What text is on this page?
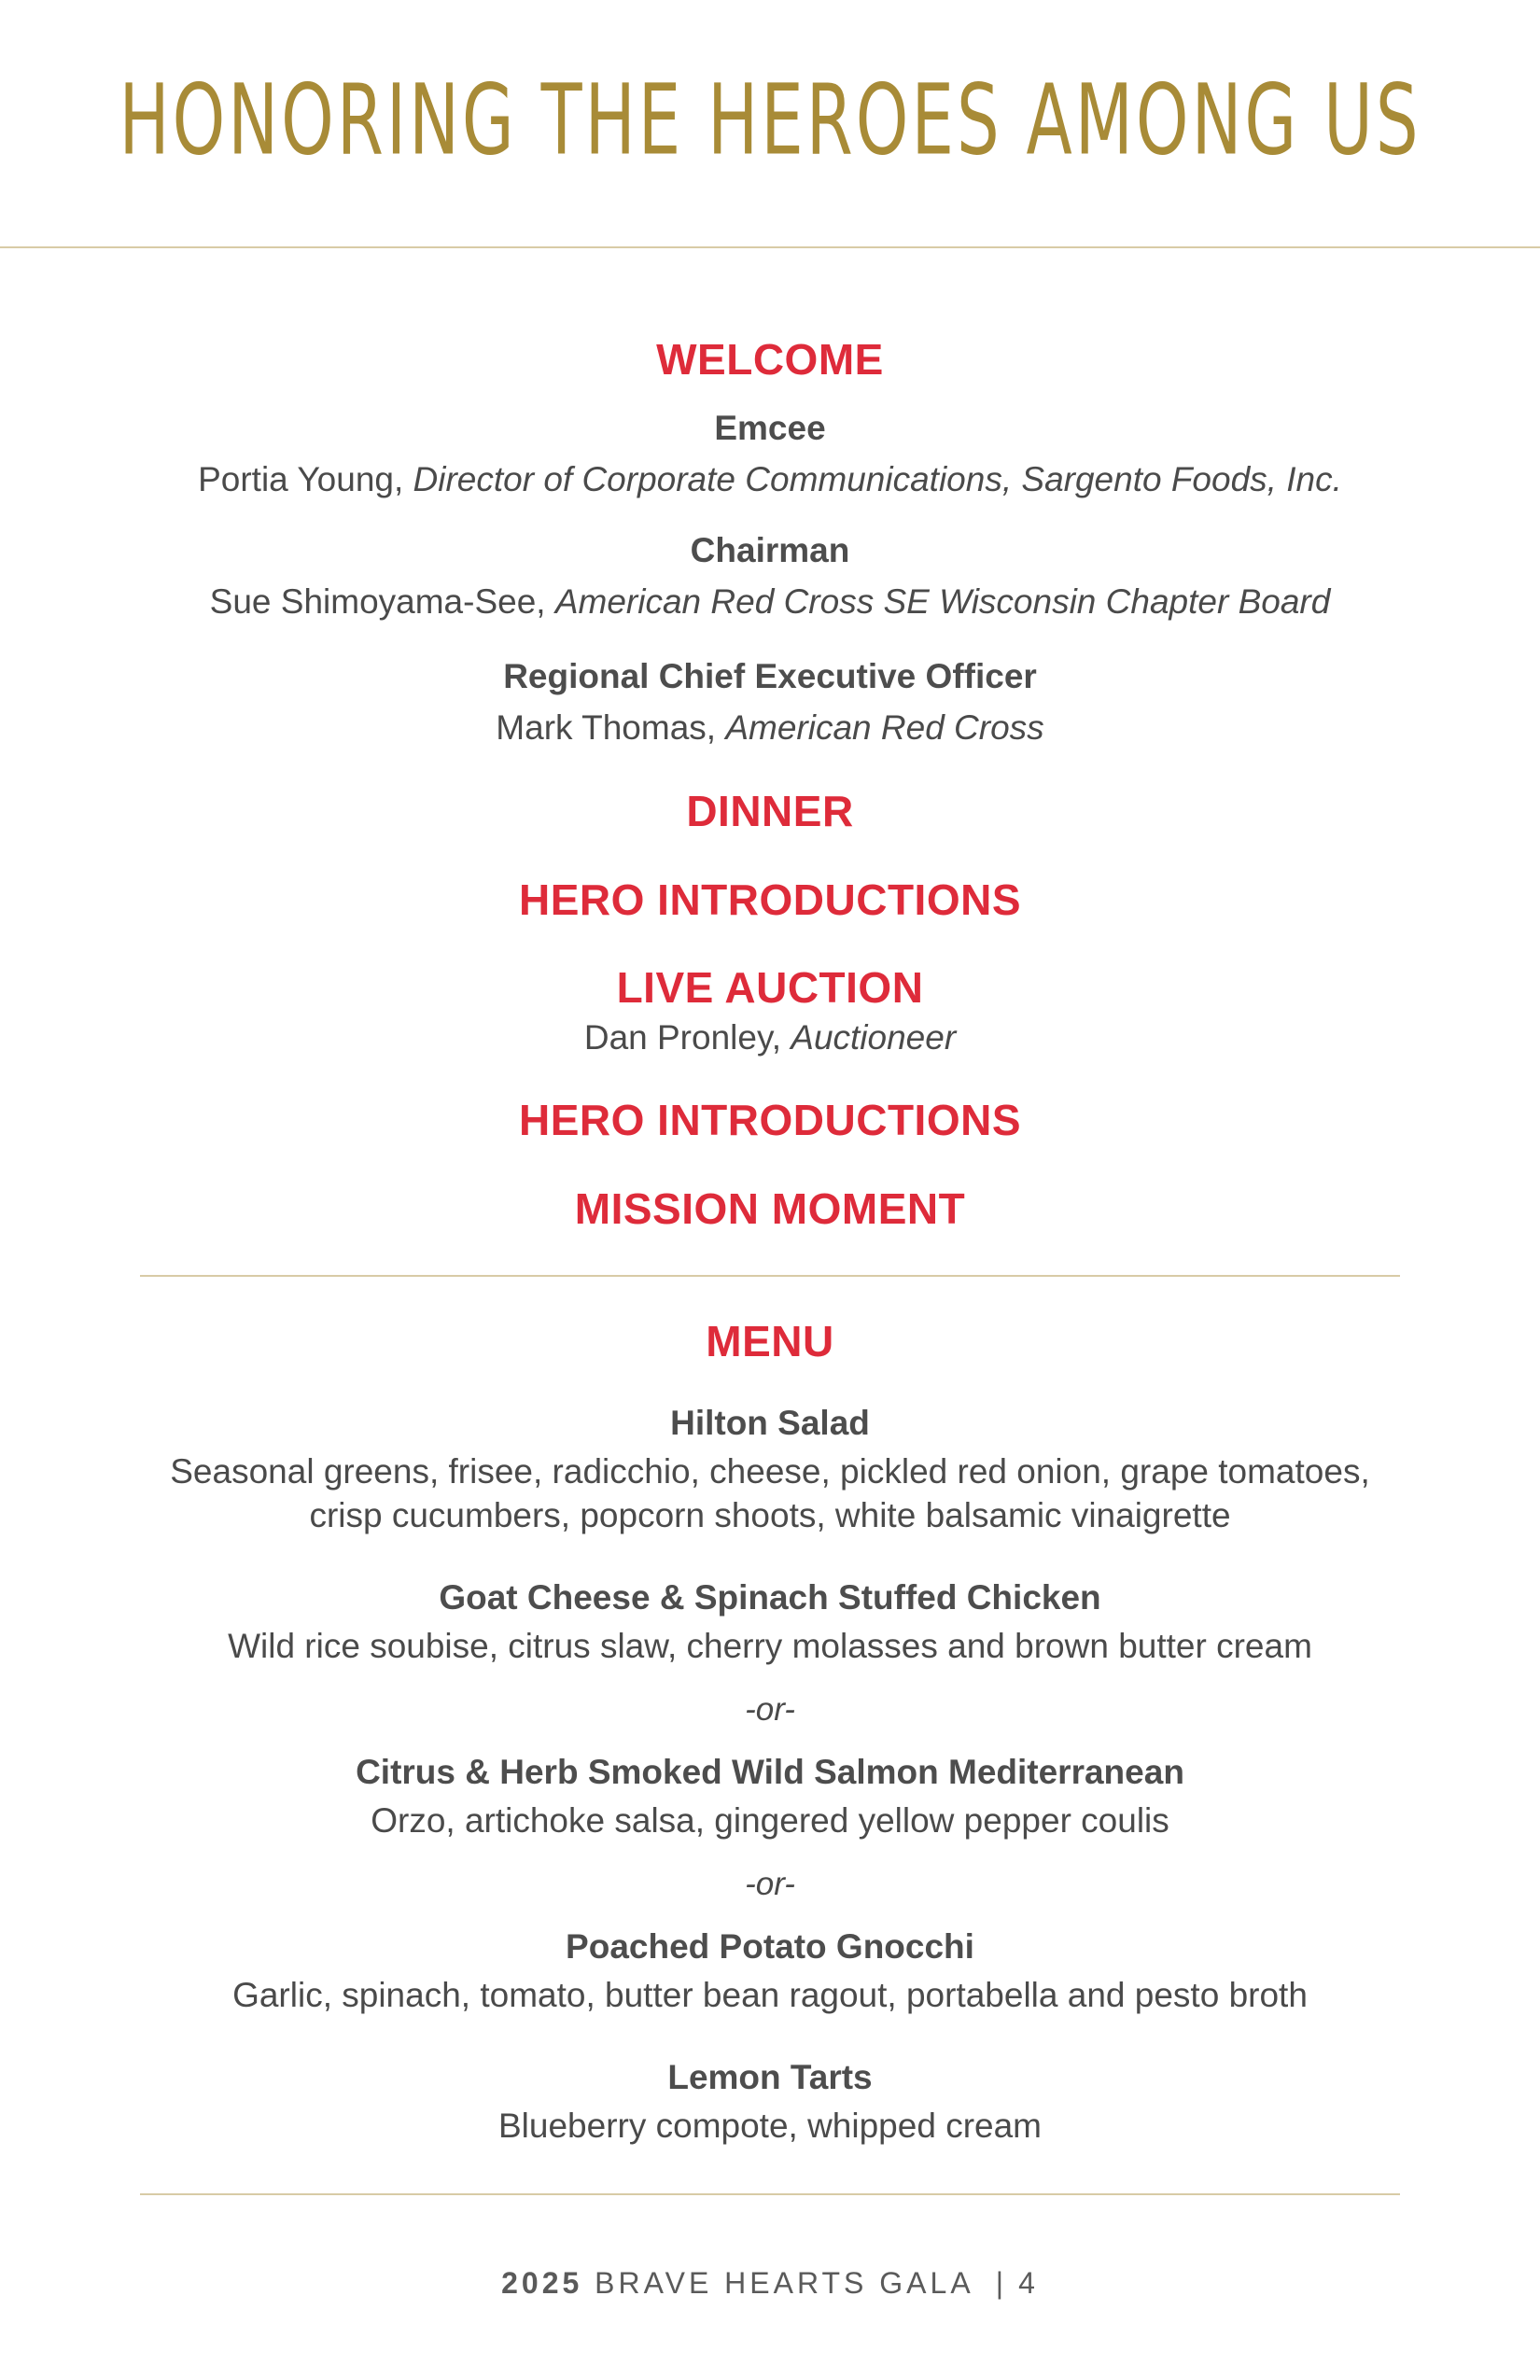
HONORING THE HEROES AMONG US
WELCOME
Emcee
Portia Young, Director of Corporate Communications, Sargento Foods, Inc.
Chairman
Sue Shimoyama-See, American Red Cross SE Wisconsin Chapter Board
Regional Chief Executive Officer
Mark Thomas, American Red Cross
DINNER
HERO INTRODUCTIONS
LIVE AUCTION
Dan Pronley, Auctioneer
HERO INTRODUCTIONS
MISSION MOMENT
MENU
Hilton Salad
Seasonal greens, frisee, radicchio, cheese, pickled red onion, grape tomatoes,
crisp cucumbers, popcorn shoots, white balsamic vinaigrette
Goat Cheese & Spinach Stuffed Chicken
Wild rice soubise, citrus slaw, cherry molasses and brown butter cream
-or-
Citrus & Herb Smoked Wild Salmon Mediterranean
Orzo, artichoke salsa, gingered yellow pepper coulis
-or-
Poached Potato Gnocchi
Garlic, spinach, tomato, butter bean ragout, portabella and pesto broth
Lemon Tarts
Blueberry compote, whipped cream
2025 BRAVE HEARTS GALA | 4
